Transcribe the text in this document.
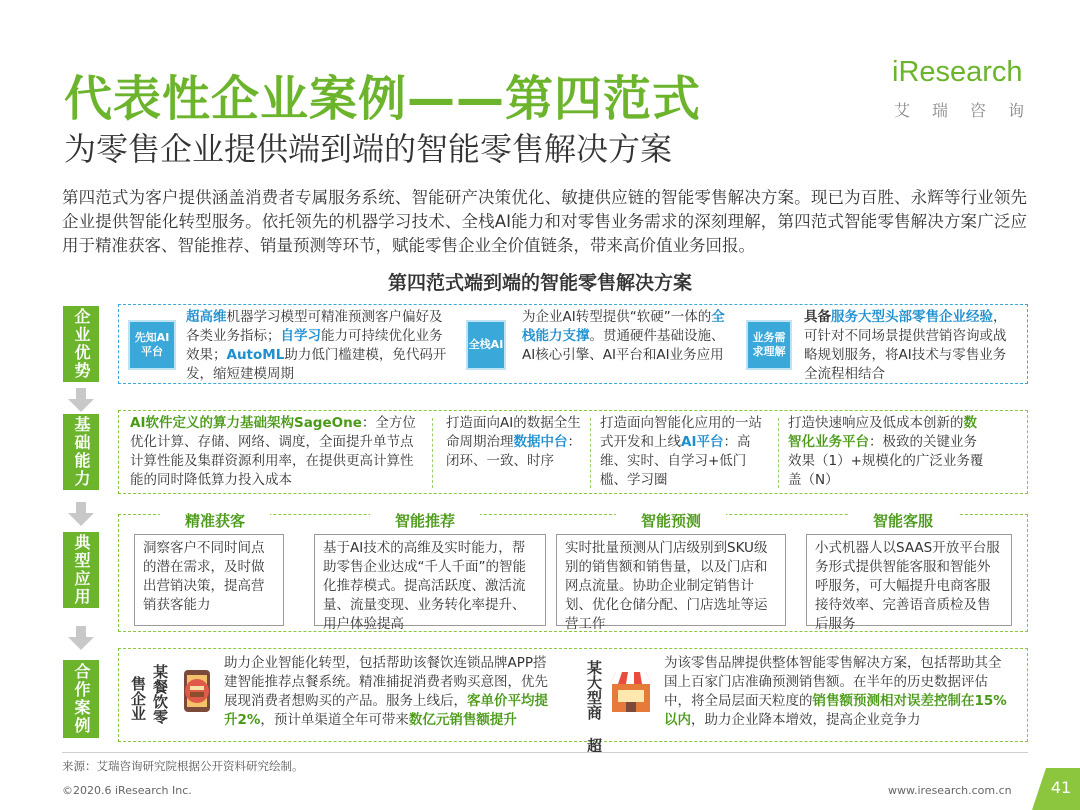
代表性企业案例——第四范式
为零售企业提供端到端的智能零售解决方案
iResearch
艾瑞咨询
第四范式为客户提供涵盖消费者专属服务系统、智能研产决策优化、敏捷供应链的智能零售解决方案。现已为百胜、永辉等行业领先企业提供智能化转型服务。依托领先的机器学习技术、全栈AI能力和对零售业务需求的深刻理解，第四范式智能零售解决方案广泛应用于精准获客、智能推荐、销量预测等环节，赋能零售企业全价值链条，带来高价值业务回报。
第四范式端到端的智能零售解决方案
企业优势
基础能力
典型应用
合作案例
先知AI平台
超高维机器学习模型可精准预测客户偏好及各类业务指标；自学习能力可持续优化业务效果；AutoML助力低门槛建模，免代码开发，缩短建模周期
全栈AI
为企业AI转型提供“软硬”一体的全栈能力支撑。贯通硬件基础设施、AI核心引擎、AI平台和AI业务应用
业务需求理解
具备服务大型头部零售企业经验，可针对不同场景提供营销咨询或战略规划服务，将AI技术与零售业务全流程相结合
AI软件定义的算力基础架构SageOne：全方位优化计算、存储、网络、调度，全面提升单节点计算性能及集群资源利用率，在提供更高计算性能的同时降低算力投入成本
打造面向AI的数据全生命周期治理数据中台：闭环、一致、时序
打造面向智能化应用的一站式开发和上线AI平台：高维、实时、自学习+低门槛、学习圈
打造快速响应及低成本创新的数智化业务平台：极致的关键业务效果（1）+规模化的广泛业务覆盖（N）
精准获客
洞察客户不同时间点的潜在需求，及时做出营销决策，提高营销获客能力
智能推荐
基于AI技术的高维及实时能力，帮助零售企业达成“千人千面”的智能化推荐模式。提高活跃度、激活流量、流量变现、业务转化率提升、用户体验提高
智能预测
实时批量预测从门店级别到SKU级别的销售额和销售量，以及门店和网点流量。协助企业制定销售计划、优化仓储分配、门店选址等运营工作
智能客服
小式机器人以SAAS开放平台服务形式提供智能客服和智能外呼服务，可大幅提升电商客服接待效率、完善语音质检及售后服务
某餐饮零
售企业
助力企业智能化转型，包括帮助该餐饮连锁品牌APP搭建智能推荐点餐系统。精准捕捉消费者购买意图，优先展现消费者想购买的产品。服务上线后，客单价平均提升2%，预计单渠道全年可带来数亿元销售额提升	某大型商
超
为该零售品牌提供整体智能零售解决方案，包括帮助其全国上百家门店准确预测销售额。在半年的历史数据评估中，将全局层面天粒度的销售额预测相对误差控制在15%以内，助力企业降本增效，提高企业竞争力
来源：艾瑞咨询研究院根据公开资料研究绘制。
©2020.6 iResearch Inc.	www.iresearch.com.cn	41
